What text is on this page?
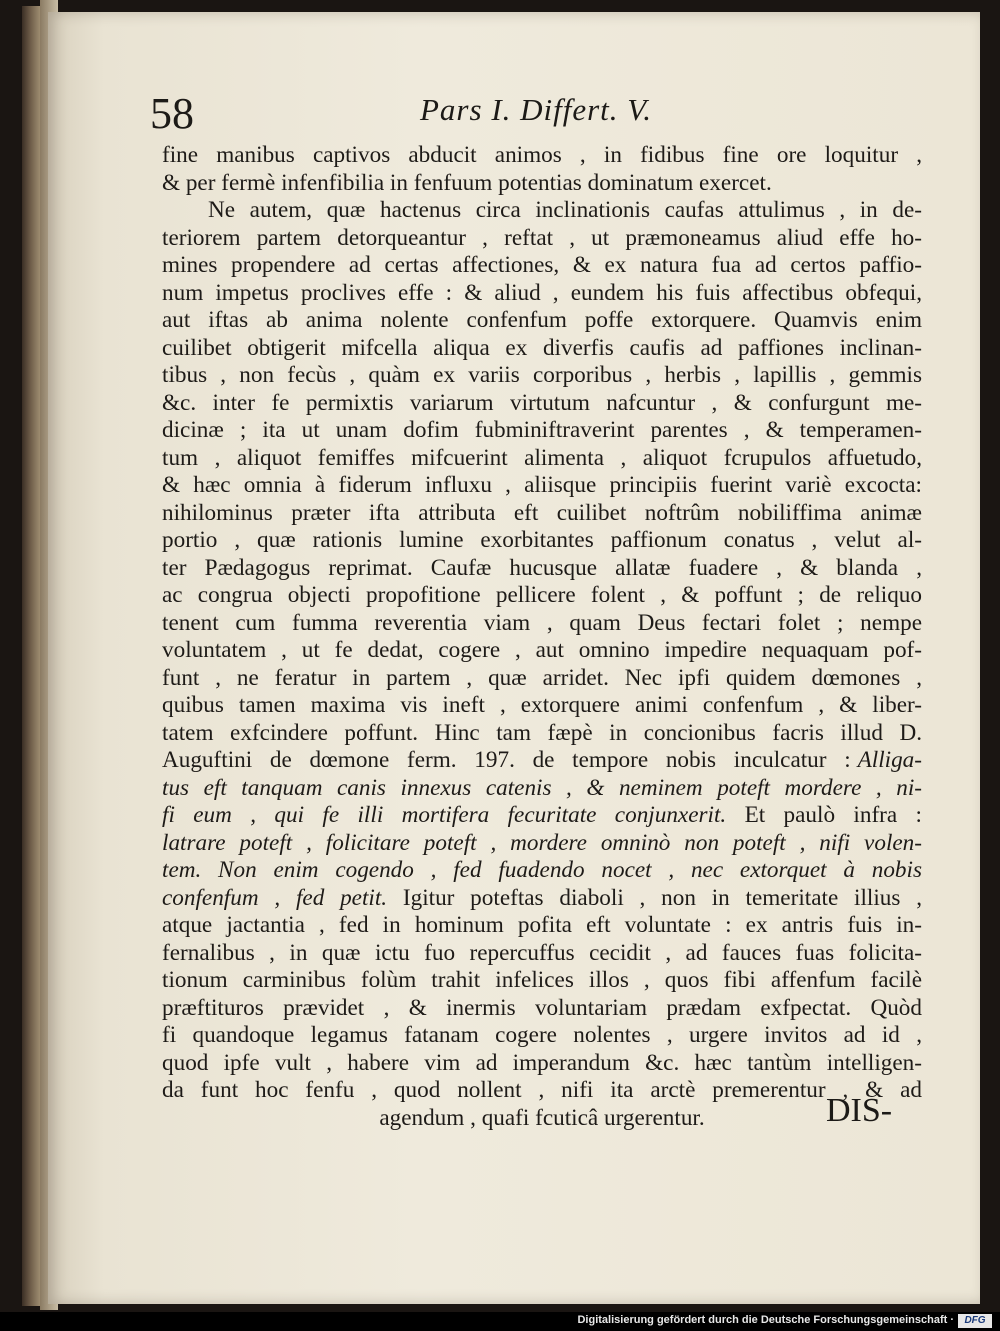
58	Pars I. Differt. V.
fine manibus captivos abducit animos , in fidibus fine ore loquitur ,
& per fermè infenfibilia in fenfuum potentias dominatum exercet.
Ne autem, quæ hactenus circa inclinationis caufas attulimus , in de-
teriorem partem detorqueantur , reftat , ut præmoneamus aliud effe ho-
mines propendere ad certas affectiones, & ex natura fua ad certos paffio-
num impetus proclives effe : & aliud , eundem his fuis affectibus obfequi,
aut iftas ab anima nolente confenfum poffe extorquere. Quamvis enim
cuilibet obtigerit mifcella aliqua ex diverfis caufis ad paffiones inclinan-
tibus , non fecùs , quàm ex variis corporibus , herbis , lapillis , gemmis
&c. inter fe permixtis variarum virtutum nafcuntur , & confurgunt me-
dicinæ ; ita ut unam dofim fubminiftraverint parentes , & temperamen-
tum , aliquot femiffes mifcuerint alimenta , aliquot fcrupulos affuetudo,
& hæc omnia à fiderum influxu , aliisque principiis fuerint variè excocta:
nihilominus præter ifta attributa eft cuilibet noftrûm nobiliffima animæ
portio , quæ rationis lumine exorbitantes paffionum conatus , velut al-
ter Pædagogus reprimat. Caufæ hucusque allatæ fuadere , & blanda ,
ac congrua objecti propofitione pellicere folent , & poffunt ; de reliquo
tenent cum fumma reverentia viam , quam Deus fectari folet ; nempe
voluntatem , ut fe dedat, cogere , aut omnino impedire nequaquam pof-
funt , ne feratur in partem , quæ arridet. Nec ipfi quidem dœmones ,
quibus tamen maxima vis ineft , extorquere animi confenfum , & liber-
tatem exfcindere poffunt. Hinc tam fæpè in concionibus facris illud D.
Auguftini de dœmone ferm. 197. de tempore nobis inculcatur : Alliga-
tus eft tanquam canis innexus catenis , & neminem poteft mordere , ni-
fi eum , qui fe illi mortifera fecuritate conjunxerit. Et paulò infra :
latrare poteft , folicitare poteft , mordere omninò non poteft , nifi volen-
tem. Non enim cogendo , fed fuadendo nocet , nec extorquet à nobis
confenfum , fed petit. Igitur poteftas diaboli , non in temeritate illius ,
atque jactantia , fed in hominum pofita eft voluntate : ex antris fuis in-
fernalibus , in quæ ictu fuo repercuffus cecidit , ad fauces fuas folicita-
tionum carminibus folùm trahit infelices illos , quos fibi affenfum facilè
præftituros prævidet , & inermis voluntariam prædam exfpectat. Quòd
fi quandoque legamus fatanam cogere nolentes , urgere invitos ad id ,
quod ipfe vult , habere vim ad imperandum &c. hæc tantùm intelligen-
da funt hoc fenfu , quod nollent , nifi ita arctè premerentur , & ad
agendum , quafi fcuticâ urgerentur.	DIS-
Digitalisierung gefördert durch die Deutsche Forschungsgemeinschaft ·	DFG
